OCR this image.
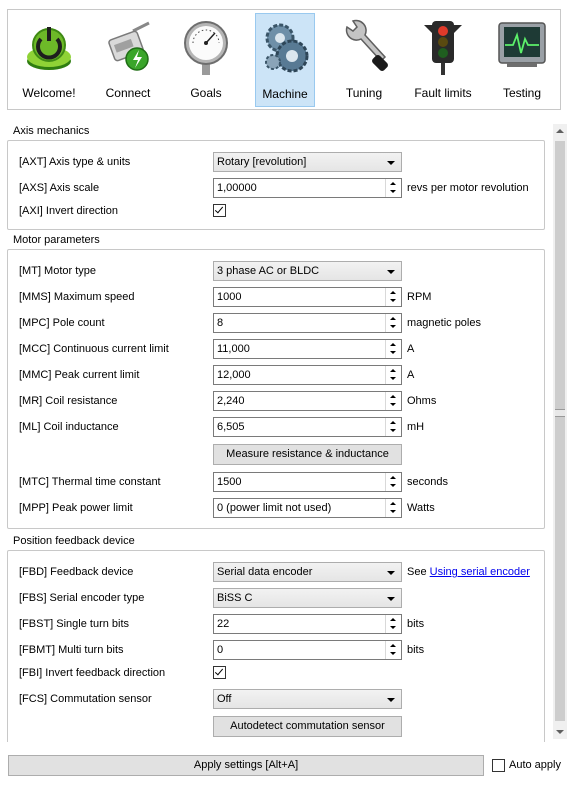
Welcome!	Connect	Goals	Machine	Tuning	Fault limits	Testing
Axis mechanics
[AXT] Axis type & units	Rotary [revolution]
[AXS] Axis scale	1,00000	revs per motor revolution
[AXI] Invert direction
Motor parameters
[MT] Motor type	3 phase AC or BLDC
[MMS] Maximum speed	1000	RPM
[MPC] Pole count	8	magnetic poles
[MCC] Continuous current limit	11,000	A
[MMC] Peak current limit	12,000	A
[MR] Coil resistance	2,240	Ohms
[ML] Coil inductance	6,505	mH
Measure resistance & inductance
[MTC] Thermal time constant	1500	seconds
[MPP] Peak power limit	0 (power limit not used)	Watts
Position feedback device
[FBD] Feedback device	Serial data encoder	See Using serial encoder
[FBS] Serial encoder type	BiSS C
[FBST] Single turn bits	22	bits
[FBMT] Multi turn bits	0	bits
[FBI] Invert feedback direction
[FCS] Commutation sensor	Off
Autodetect commutation sensor
Apply settings [Alt+A]	Auto apply
